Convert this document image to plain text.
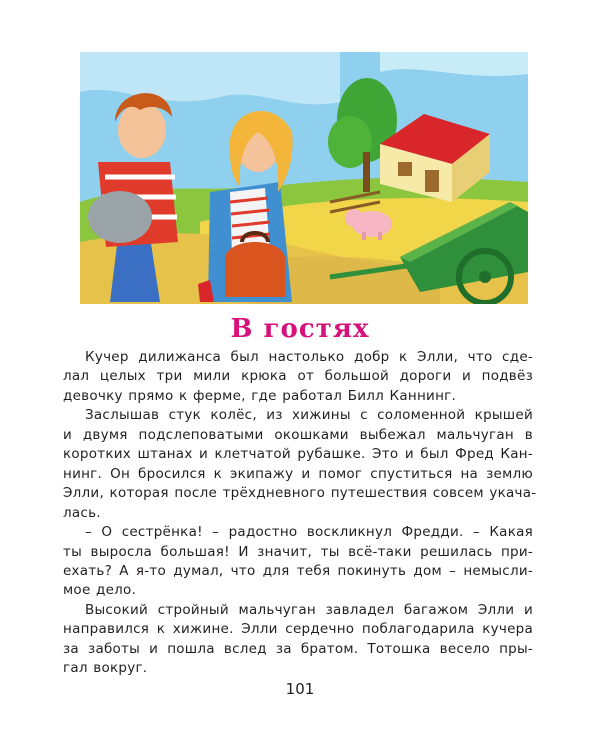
В гостях
Кучер дилижанса был настолько добр к Элли, что сде-
лал целых три мили крюка от большой дороги и подвёз
девочку прямо к ферме, где работал Билл Каннинг.
Заслышав стук колёс, из хижины с соломенной крышей
и двумя подслеповатыми окошками выбежал мальчуган в
коротких штанах и клетчатой рубашке. Это и был Фред Кан-
нинг. Он бросился к экипажу и помог спуститься на землю
Элли, которая после трёхдневного путешествия совсем укача-
лась.
– О сестрёнка! – радостно воскликнул Фредди. – Какая
ты выросла большая! И значит, ты всё-таки решилась при-
ехать? А я-то думал, что для тебя покинуть дом – немысли-
мое дело.
Высокий стройный мальчуган завладел багажом Элли и
направился к хижине. Элли сердечно поблагодарила кучера
за заботы и пошла вслед за братом. Тотошка весело пры-
гал вокруг.
101
